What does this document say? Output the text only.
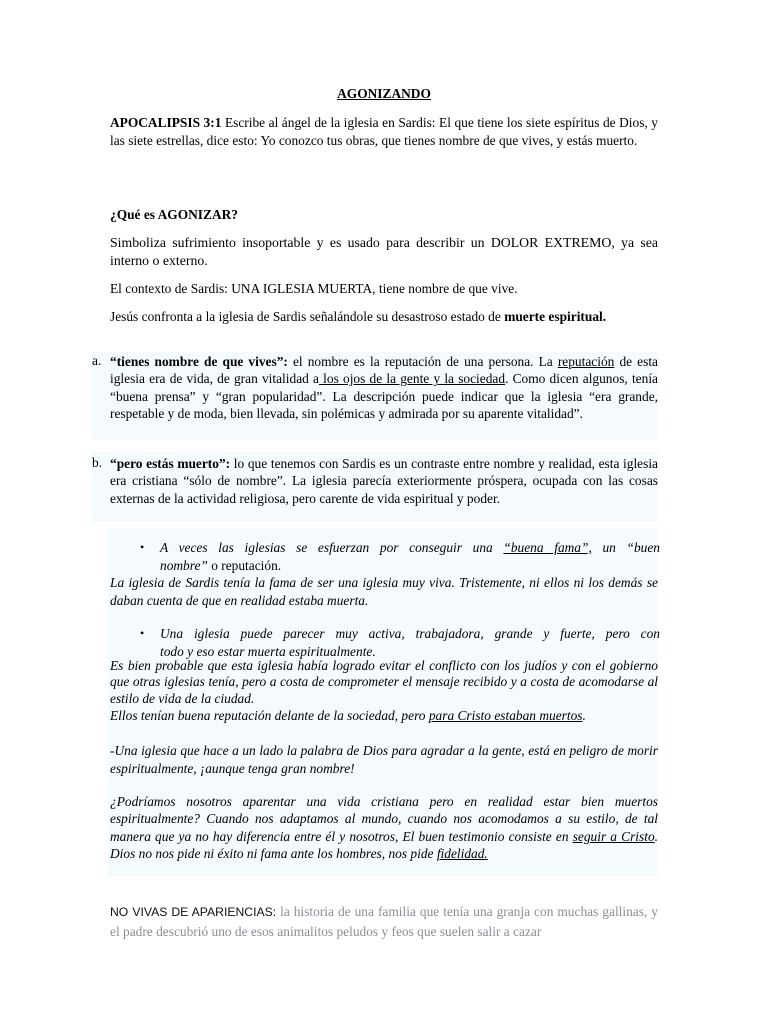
AGONIZANDO
APOCALIPSIS 3:1 Escribe al ángel de la iglesia en Sardis: El que tiene los siete espíritus de Dios, y las siete estrellas, dice esto: Yo conozco tus obras, que tienes nombre de que vives, y estás muerto.
¿Qué es AGONIZAR?
Simboliza sufrimiento insoportable y es usado para describir un DOLOR EXTREMO, ya sea interno o externo.
El contexto de Sardis: UNA IGLESIA MUERTA, tiene nombre de que vive.
Jesús confronta a la iglesia de Sardis señalándole su desastroso estado de muerte espiritual.
a. “tienes nombre de que vives”: el nombre es la reputación de una persona. La reputación de esta iglesia era de vida, de gran vitalidad a los ojos de la gente y la sociedad. Como dicen algunos, tenía “buena prensa” y “gran popularidad”. La descripción puede indicar que la iglesia “era grande, respetable y de moda, bien llevada, sin polémicas y admirada por su aparente vitalidad”.
b. “pero estás muerto”: lo que tenemos con Sardis es un contraste entre nombre y realidad, esta iglesia era cristiana “sólo de nombre”. La iglesia parecía exteriormente próspera, ocupada con las cosas externas de la actividad religiosa, pero carente de vida espiritual y poder.
• A veces las iglesias se esfuerzan por conseguir una “buena fama”, un “buen
nombre” o reputación.
La iglesia de Sardis tenía la fama de ser una iglesia muy viva. Tristemente, ni ellos ni los demás se daban cuenta de que en realidad estaba muerta.
• Una iglesia puede parecer muy activa, trabajadora, grande y fuerte, pero con
todo y eso estar muerta espiritualmente.
Es bien probable que esta iglesia había logrado evitar el conflicto con los judíos y con el gobierno que otras iglesias tenía, pero a costa de comprometer el mensaje recibido y a costa de acomodarse al estilo de vida de la ciudad.
Ellos tenían buena reputación delante de la sociedad, pero para Cristo estaban muertos.
-Una iglesia que hace a un lado la palabra de Dios para agradar a la gente, está en peligro de morir espiritualmente, ¡aunque tenga gran nombre!
¿Podríamos nosotros aparentar una vida cristiana pero en realidad estar bien muertos espiritualmente? Cuando nos adaptamos al mundo, cuando nos acomodamos a su estilo, de tal manera que ya no hay diferencia entre él y nosotros, El buen testimonio consiste en seguir a Cristo. Dios no nos pide ni éxito ni fama ante los hombres, nos pide fidelidad.
NO VIVAS DE APARIENCIAS: la historia de una familia que tenía una granja con muchas gallinas, y el padre descubrió uno de esos animalitos peludos y feos que suelen salir a cazar
